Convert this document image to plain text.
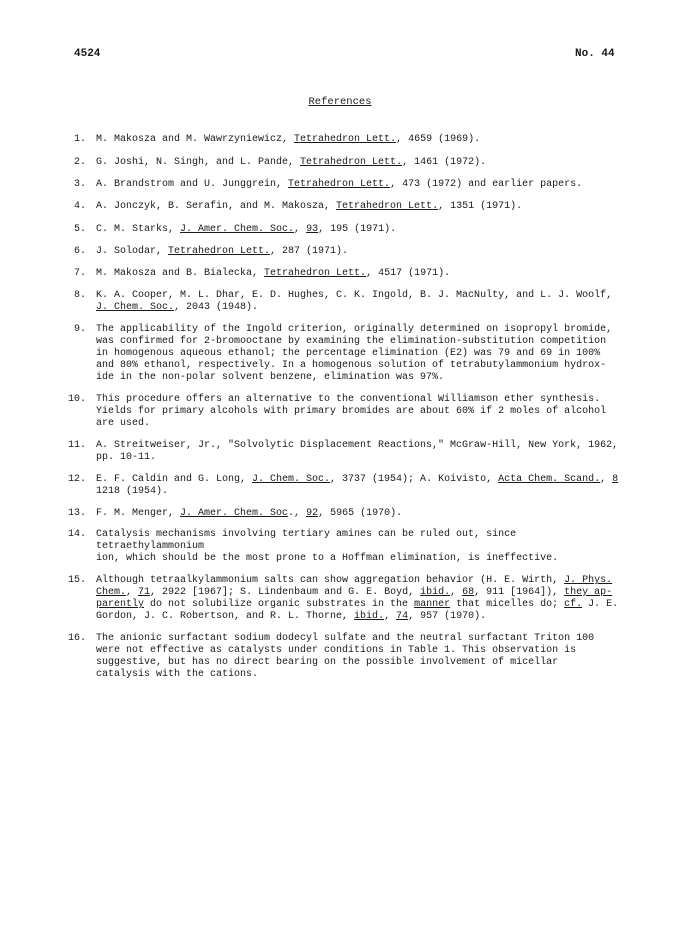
4524	No. 44
References
1.	M. Makosza and M. Wawrzyniewicz, Tetrahedron Lett., 4659 (1969).
2.	G. Joshi, N. Singh, and L. Pande, Tetrahedron Lett., 1461 (1972).
3.	A. Brandstrom and U. Junggrein, Tetrahedron Lett., 473 (1972) and earlier papers.
4.	A. Jonczyk, B. Serafin, and M. Makosza, Tetrahedron Lett., 1351 (1971).
5.	C. M. Starks, J. Amer. Chem. Soc., 93, 195 (1971).
6.	J. Solodar, Tetrahedron Lett., 287 (1971).
7.	M. Makosza and B. Bialecka, Tetrahedron Lett., 4517 (1971).
8.	K. A. Cooper, M. L. Dhar, E. D. Hughes, C. K. Ingold, B. J. MacNulty, and L. J. Woolf,
J. Chem. Soc., 2043 (1948).
9.	The applicability of the Ingold criterion, originally determined on isopropyl bromide,
was confirmed for 2-bromooctane by examining the elimination-substitution competition
in homogenous aqueous ethanol; the percentage elimination (E2) was 79 and 69 in 100%
and 80% ethanol, respectively. In a homogenous solution of tetrabutylammonium hydrox-
ide in the non-polar solvent benzene, elimination was 97%.
10.	This procedure offers an alternative to the conventional Williamson ether synthesis.
Yields for primary alcohols with primary bromides are about 60% if 2 moles of alcohol
are used.
11.	A. Streitweiser, Jr., "Solvolytic Displacement Reactions," McGraw-Hill, New York, 1962,
pp. 10-11.
12.	E. F. Caldin and G. Long, J. Chem. Soc., 3737 (1954); A. Koivisto, Acta Chem. Scand., 8
1218 (1954).
13.	F. M. Menger, J. Amer. Chem. Soc., 92, 5965 (1970).
14.	Catalysis mechanisms involving tertiary amines can be ruled out, since tetraethylammonium
ion, which should be the most prone to a Hoffman elimination, is ineffective.
15.	Although tetraalkylammonium salts can show aggregation behavior (H. E. Wirth, J. Phys.
Chem., 71, 2922 [1967]; S. Lindenbaum and G. E. Boyd, ibid., 68, 911 [1964]), they ap-
parently do not solubilize organic substrates in the manner that micelles do; cf. J. E.
Gordon, J. C. Robertson, and R. L. Thorne, ibid., 74, 957 (1970).
16.	The anionic surfactant sodium dodecyl sulfate and the neutral surfactant Triton 100
were not effective as catalysts under conditions in Table 1. This observation is
suggestive, but has no direct bearing on the possible involvement of micellar
catalysis with the cations.
